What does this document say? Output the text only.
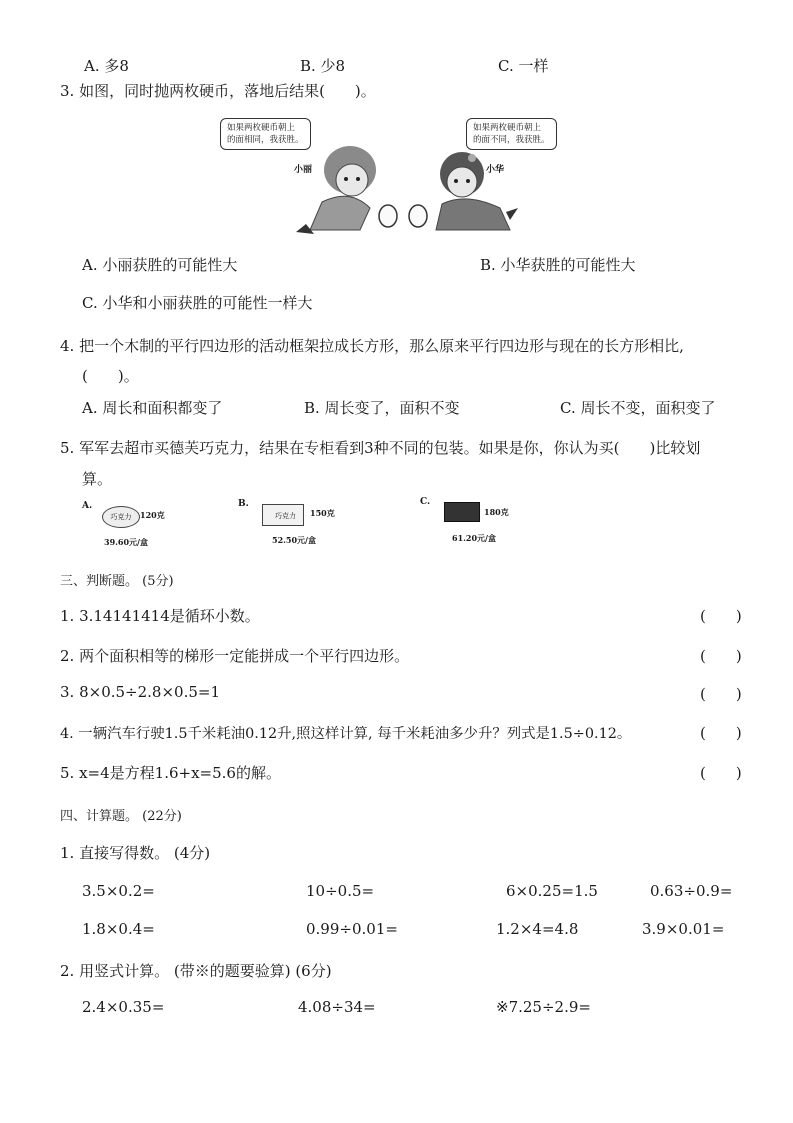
A. 多8	B. 少8	C. 一样
3. 如图，同时抛两枚硬币，落地后结果(　　)。
如果两枚硬币朝上
的面相同，我获胜。
如果两枚硬币朝上
的面不同，我获胜。
小丽	小华
A. 小丽获胜的可能性大	B. 小华获胜的可能性大
C. 小华和小丽获胜的可能性一样大
4. 把一个木制的平行四边形的活动框架拉成长方形，那么原来平行四边形与现在的长方形相比,
(　　)。
A. 周长和面积都变了	B. 周长变了，面积不变	C. 周长不变，面积变了
5. 军军去超市买德芙巧克力，结果在专柜看到3种不同的包装。如果是你，你认为买(　　)比较划
算。
A.
巧克力	120克
39.60元/盒
B.
巧克力	150克
52.50元/盒
C.
180克
61.20元/盒
三、判断题。 (5分)
1. 3.14141414是循环小数。	(　　)
2. 两个面积相等的梯形一定能拼成一个平行四边形。	(　　)
3. 8×0.5÷2.8×0.5=1	(　　)
4. 一辆汽车行驶1.5千米耗油0.12升,照这样计算, 每千米耗油多少升？列式是1.5÷0.12。	(　　)
5. x=4是方程1.6+x=5.6的解。	(　　)
四、计算题。 (22分)
1. 直接写得数。 (4分)
3.5×0.2=	10÷0.5=	6×0.25=1.5	0.63÷0.9=
1.8×0.4=	0.99÷0.01=	1.2×4=4.8	3.9×0.01=
2. 用竖式计算。 (带※的题要验算) (6分)
2.4×0.35=	4.08÷34=	※7.25÷2.9=
